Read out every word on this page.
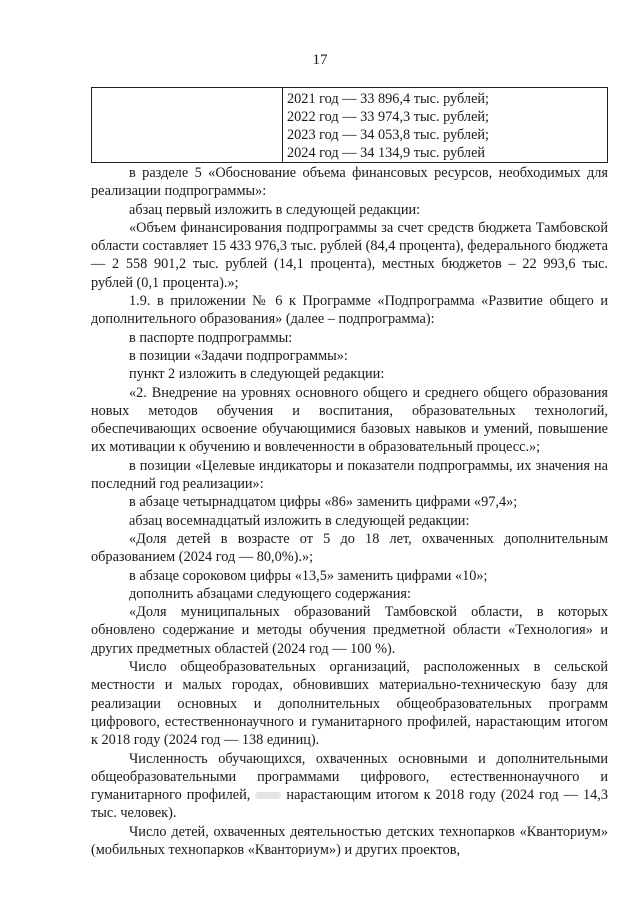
17

2021 год — 33 896,4 тыс. рублей;
2022 год — 33 974,3 тыс. рублей;
2023 год — 34 053,8 тыс. рублей;
2024 год — 34 134,9 тыс. рублей

в разделе 5 «Обоснование объема финансовых ресурсов, необходимых для реализации подпрограммы»:

абзац первый изложить в следующей редакции:

«Объем финансирования подпрограммы за счет средств бюджета Тамбовской области составляет 15 433 976,3 тыс. рублей (84,4 процента), федерального бюджета — 2 558 901,2 тыс. рублей (14,1 процента), местных бюджетов – 22 993,6 тыс. рублей (0,1 процента).»;

1.9. в приложении № 6 к Программе «Подпрограмма «Развитие общего и дополнительного образования» (далее – подпрограмма):

в паспорте подпрограммы:

в позиции «Задачи подпрограммы»:

пункт 2 изложить в следующей редакции:

«2. Внедрение на уровнях основного общего и среднего общего образования новых методов обучения и воспитания, образовательных технологий, обеспечивающих освоение обучающимися базовых навыков и умений, повышение их мотивации к обучению и вовлеченности в образовательный процесс.»;

в позиции «Целевые индикаторы и показатели подпрограммы, их значения на последний год реализации»:

в абзаце четырнадцатом цифры «86» заменить цифрами «97,4»;

абзац восемнадцатый изложить в следующей редакции:

«Доля детей в возрасте от 5 до 18 лет, охваченных дополнительным образованием (2024 год — 80,0%).»;

в абзаце сороковом цифры «13,5» заменить цифрами «10»;

дополнить абзацами следующего содержания:

«Доля муниципальных образований Тамбовской области, в которых обновлено содержание и методы обучения предметной области «Технология» и других предметных областей (2024 год — 100 %).

Число общеобразовательных организаций, расположенных в сельской местности и малых городах, обновивших материально-техническую базу для реализации основных и дополнительных общеобразовательных программ цифрового, естественнонаучного и гуманитарного профилей, нарастающим итогом к 2018 году (2024 год — 138 единиц).

Численность обучающихся, охваченных основными и дополнительными общеобразовательными программами цифрового, естественнонаучного и гуманитарного профилей,	нарастающим итогом к 2018 году (2024 год — 14,3 тыс. человек).

Число детей, охваченных деятельностью детских технопарков «Кванториум» (мобильных технопарков «Кванториум») и других проектов,
